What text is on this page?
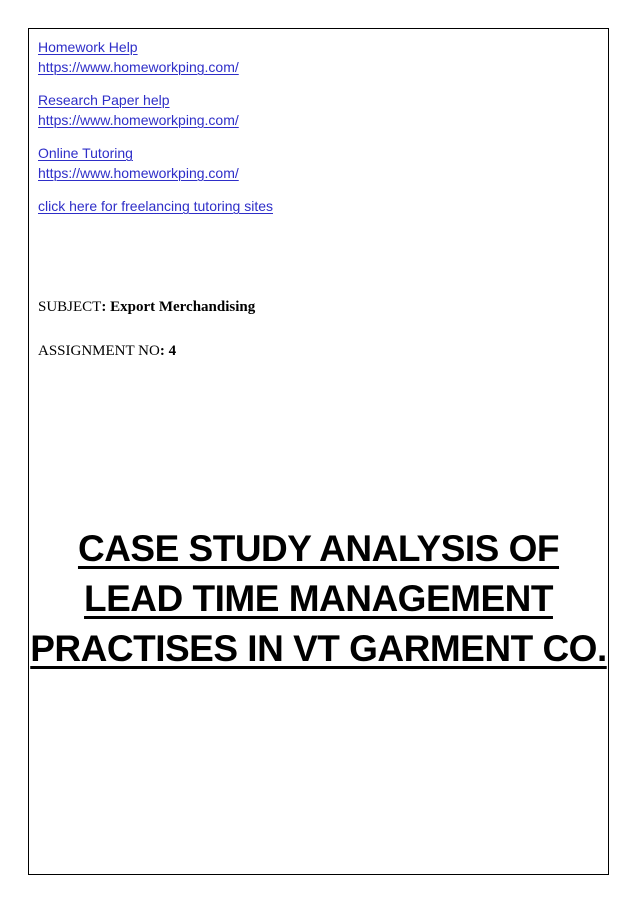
Homework Help
https://www.homeworkping.com/
Research Paper help
https://www.homeworkping.com/
Online Tutoring
https://www.homeworkping.com/
click here for freelancing tutoring sites
SUBJECT: Export Merchandising
ASSIGNMENT NO: 4
CASE STUDY ANALYSIS OF
LEAD TIME MANAGEMENT
PRACTISES IN VT GARMENT CO.
